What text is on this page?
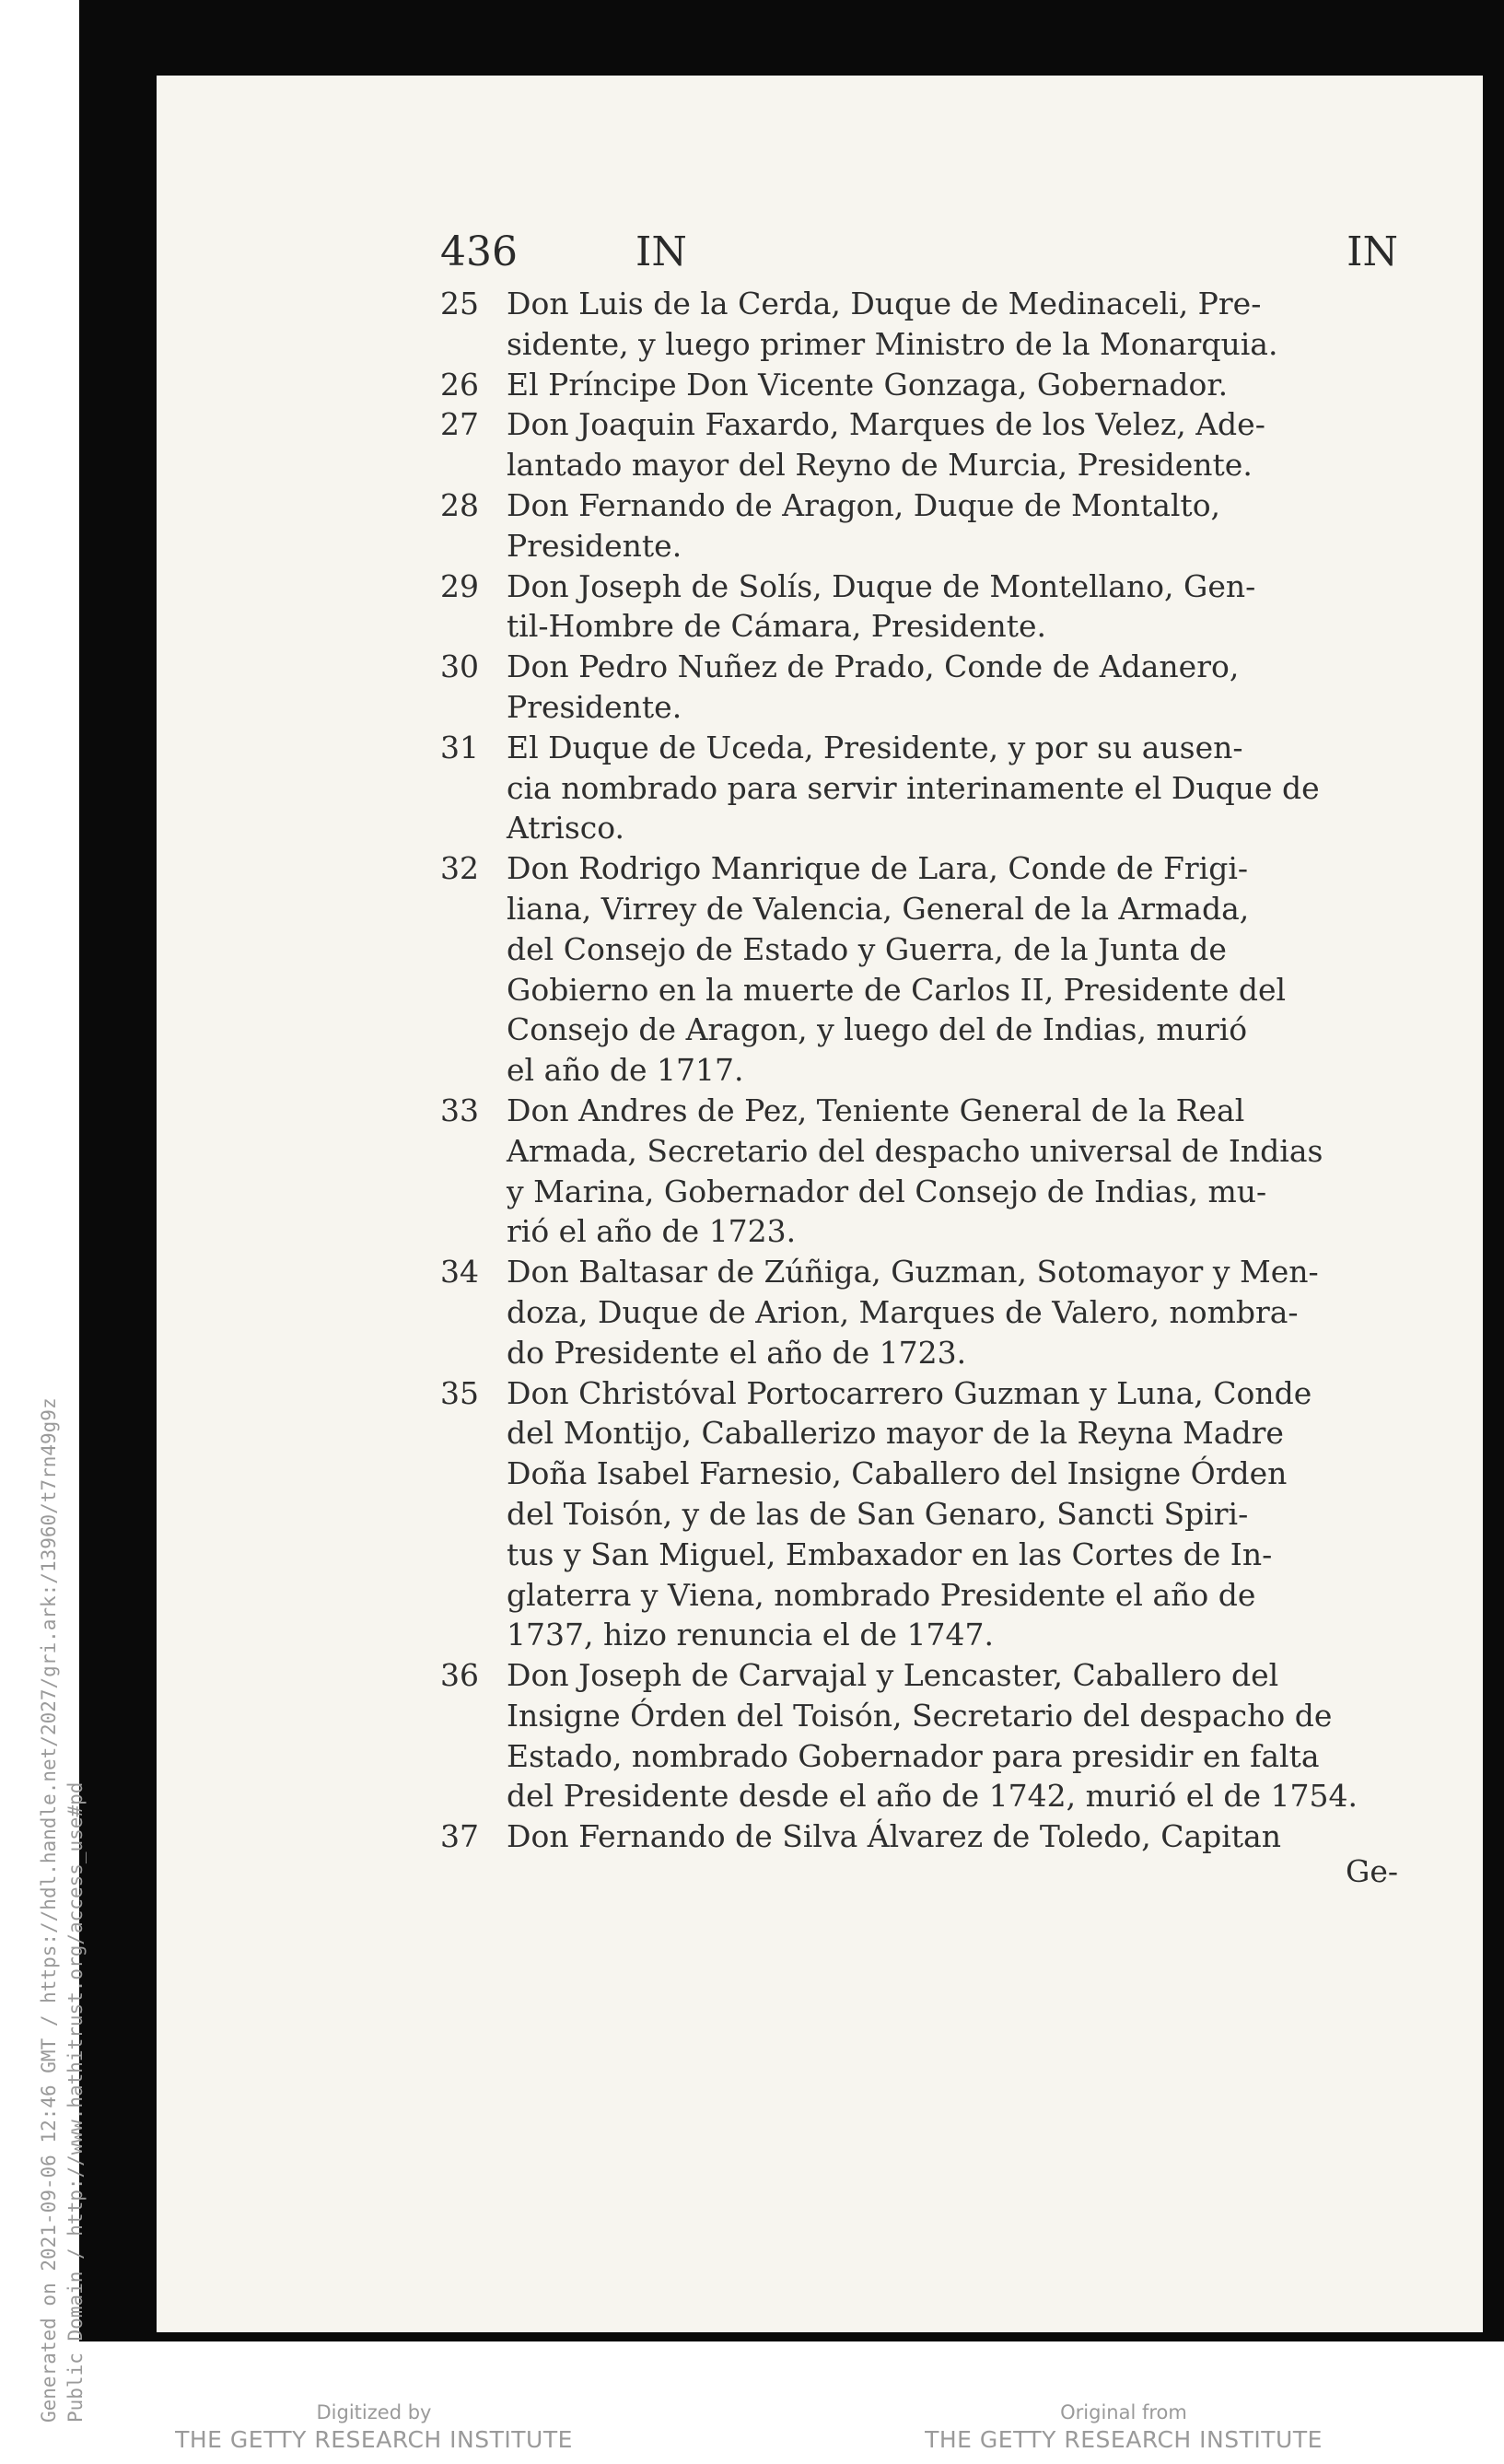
436	IN	IN
25 Don Luis de la Cerda, Duque de Medinaceli, Pre-
sidente, y luego primer Ministro de la Monarquia.
26 El Príncipe Don Vicente Gonzaga, Gobernador.
27 Don Joaquin Faxardo, Marques de los Velez, Ade-
lantado mayor del Reyno de Murcia, Presidente.
28 Don Fernando de Aragon, Duque de Montalto,
Presidente.
29 Don Joseph de Solís, Duque de Montellano, Gen-
til-Hombre de Cámara, Presidente.
30 Don Pedro Nuñez de Prado, Conde de Adanero,
Presidente.
31 El Duque de Uceda, Presidente, y por su ausen-
cia nombrado para servir interinamente el Duque de
Atrisco.
32 Don Rodrigo Manrique de Lara, Conde de Frigi-
liana, Virrey de Valencia, General de la Armada,
del Consejo de Estado y Guerra, de la Junta de
Gobierno en la muerte de Carlos II, Presidente del
Consejo de Aragon, y luego del de Indias, murió
el año de 1717.
33 Don Andres de Pez, Teniente General de la Real
Armada, Secretario del despacho universal de Indias
y Marina, Gobernador del Consejo de Indias, mu-
rió el año de 1723.
34 Don Baltasar de Zúñiga, Guzman, Sotomayor y Men-
doza, Duque de Arion, Marques de Valero, nombra-
do Presidente el año de 1723.
35 Don Christóval Portocarrero Guzman y Luna, Conde
del Montijo, Caballerizo mayor de la Reyna Madre
Doña Isabel Farnesio, Caballero del Insigne Órden
del Toisón, y de las de San Genaro, Sancti Spiri-
tus y San Miguel, Embaxador en las Cortes de In-
glaterra y Viena, nombrado Presidente el año de
1737, hizo renuncia el de 1747.
36 Don Joseph de Carvajal y Lencaster, Caballero del
Insigne Órden del Toisón, Secretario del despacho de
Estado, nombrado Gobernador para presidir en falta
del Presidente desde el año de 1742, murió el de 1754.
37 Don Fernando de Silva Álvarez de Toledo, Capitan
Ge-
Generated on 2021-09-06 12:46 GMT / https://hdl.handle.net/2027/gri.ark:/13960/t7rn49g9z Public Domain / http://www.hathitrust.org/access_use#pd	Digitized by
THE GETTY RESEARCH INSTITUTE
Original from
THE GETTY RESEARCH INSTITUTE
